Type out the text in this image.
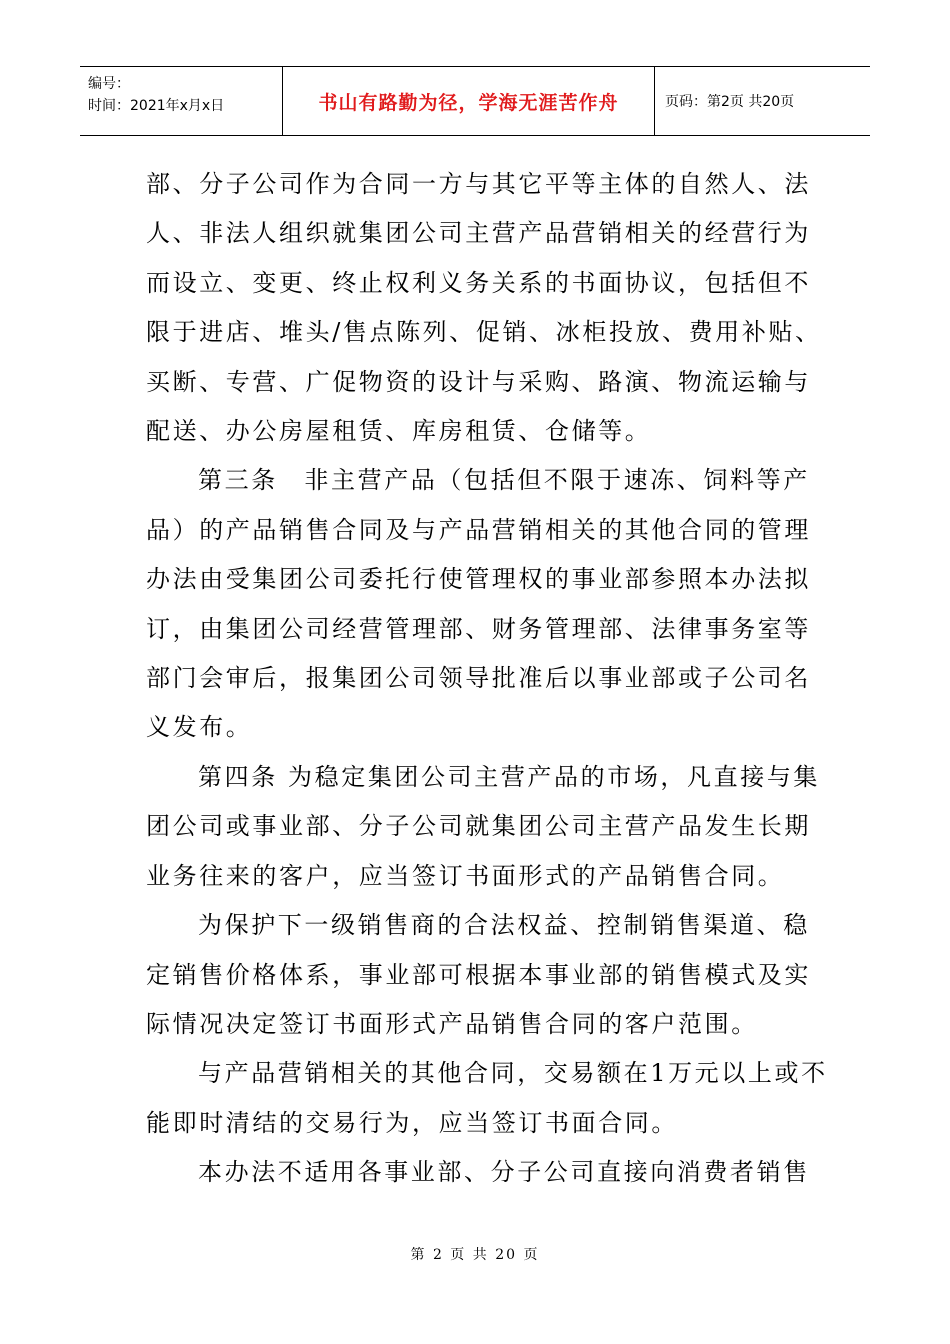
编号：
时间：2021年x月x日	书山有路勤为径，学海无涯苦作舟	页码：第2页 共20页
部、分子公司作为合同一方与其它平等主体的自然人、法
人、非法人组织就集团公司主营产品营销相关的经营行为
而设立、变更、终止权利义务关系的书面协议，包括但不
限于进店、堆头/售点陈列、促销、冰柜投放、费用补贴、
买断、专营、广促物资的设计与采购、路演、物流运输与
配送、办公房屋租赁、库房租赁、仓储等。
第三条　非主营产品（包括但不限于速冻、饲料等产
品）的产品销售合同及与产品营销相关的其他合同的管理
办法由受集团公司委托行使管理权的事业部参照本办法拟
订，由集团公司经营管理部、财务管理部、法律事务室等
部门会审后，报集团公司领导批准后以事业部或子公司名
义发布。
第四条 为稳定集团公司主营产品的市场，凡直接与集
团公司或事业部、分子公司就集团公司主营产品发生长期
业务往来的客户，应当签订书面形式的产品销售合同。
为保护下一级销售商的合法权益、控制销售渠道、稳
定销售价格体系，事业部可根据本事业部的销售模式及实
际情况决定签订书面形式产品销售合同的客户范围。
与产品营销相关的其他合同，交易额在1万元以上或不
能即时清结的交易行为，应当签订书面合同。
本办法不适用各事业部、分子公司直接向消费者销售
第 2 页 共 20 页
